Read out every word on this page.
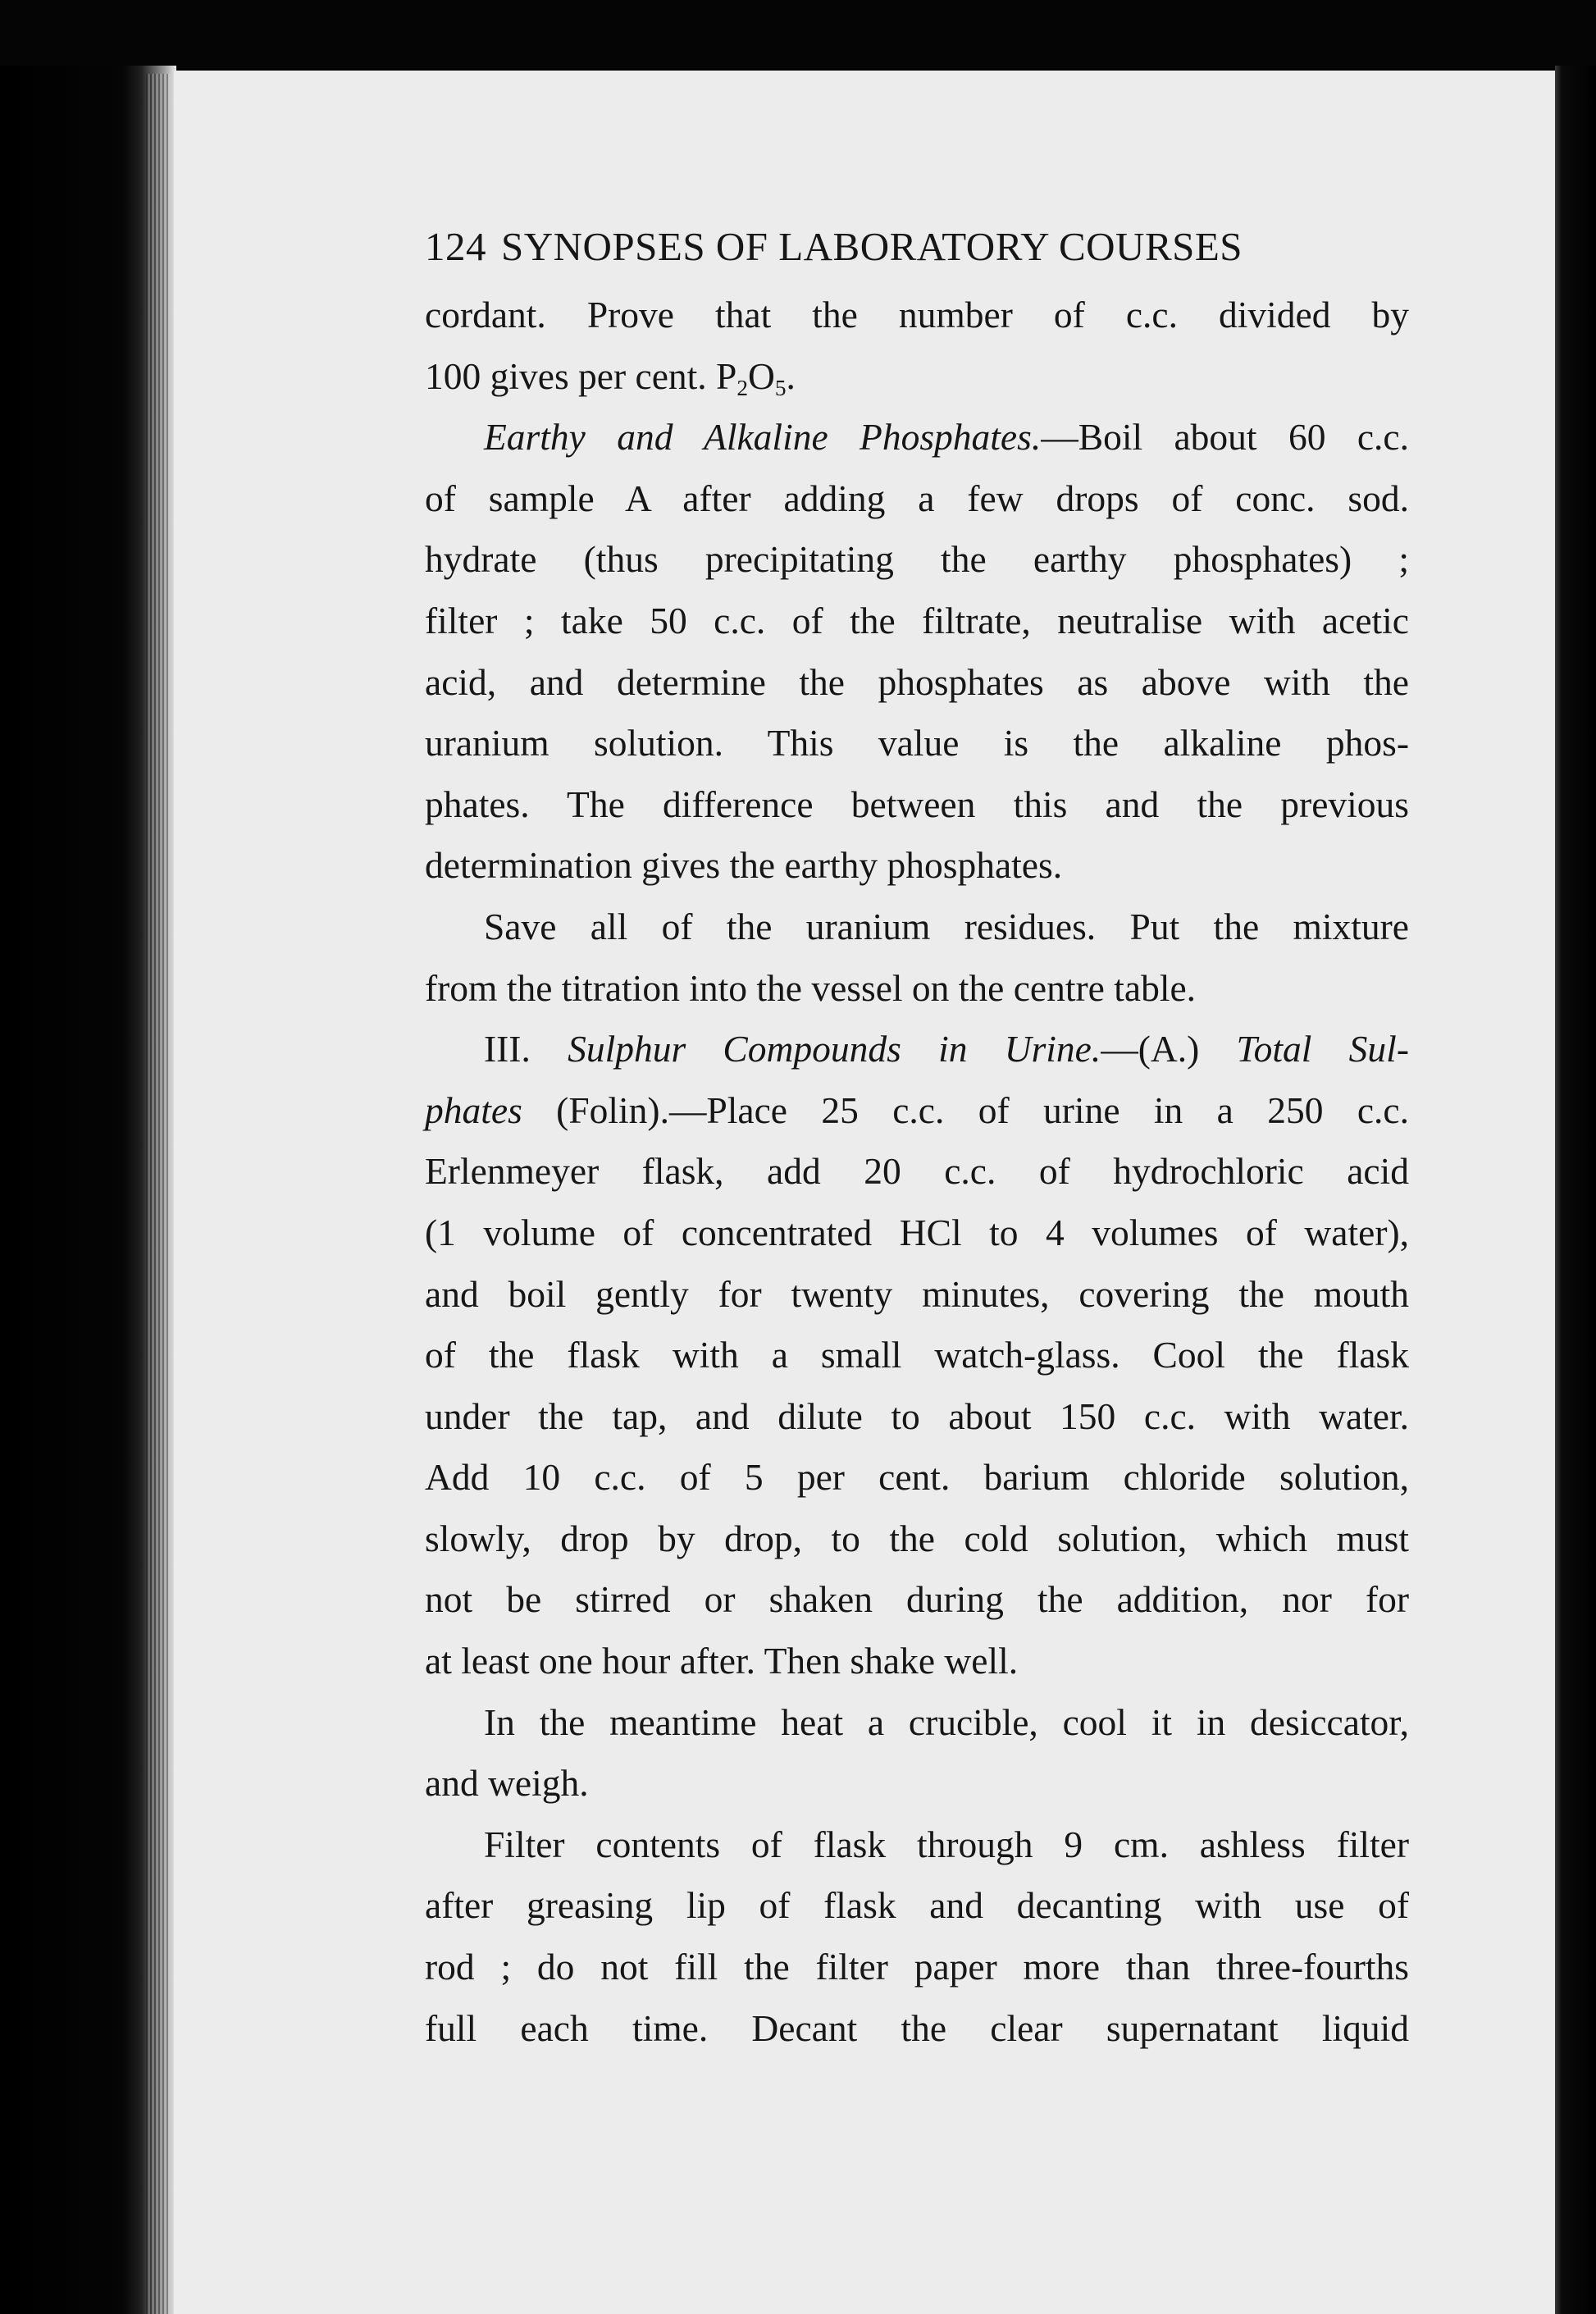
124 SYNOPSES OF LABORATORY COURSES
cordant. Prove that the number of c.c. divided by
100 gives per cent. $P_2O_5$.
Earthy and Alkaline Phosphates.—Boil about 60 c.c.
of sample A after adding a few drops of conc. sod.
hydrate (thus precipitating the earthy phosphates) ;
filter ; take 50 c.c. of the filtrate, neutralise with acetic
acid, and determine the phosphates as above with the
uranium solution. This value is the alkaline phos-
phates. The difference between this and the previous
determination gives the earthy phosphates.
Save all of the uranium residues. Put the mixture
from the titration into the vessel on the centre table.
III. Sulphur Compounds in Urine.—(A.) Total Sul-
phates (Folin).—Place 25 c.c. of urine in a 250 c.c.
Erlenmeyer flask, add 20 c.c. of hydrochloric acid
(1 volume of concentrated HCl to 4 volumes of water),
and boil gently for twenty minutes, covering the mouth
of the flask with a small watch-glass. Cool the flask
under the tap, and dilute to about 150 c.c. with water.
Add 10 c.c. of 5 per cent. barium chloride solution,
slowly, drop by drop, to the cold solution, which must
not be stirred or shaken during the addition, nor for
at least one hour after. Then shake well.
In the meantime heat a crucible, cool it in desiccator,
and weigh.
Filter contents of flask through 9 cm. ashless filter
after greasing lip of flask and decanting with use of
rod ; do not fill the filter paper more than three-fourths
full each time. Decant the clear supernatant liquid
